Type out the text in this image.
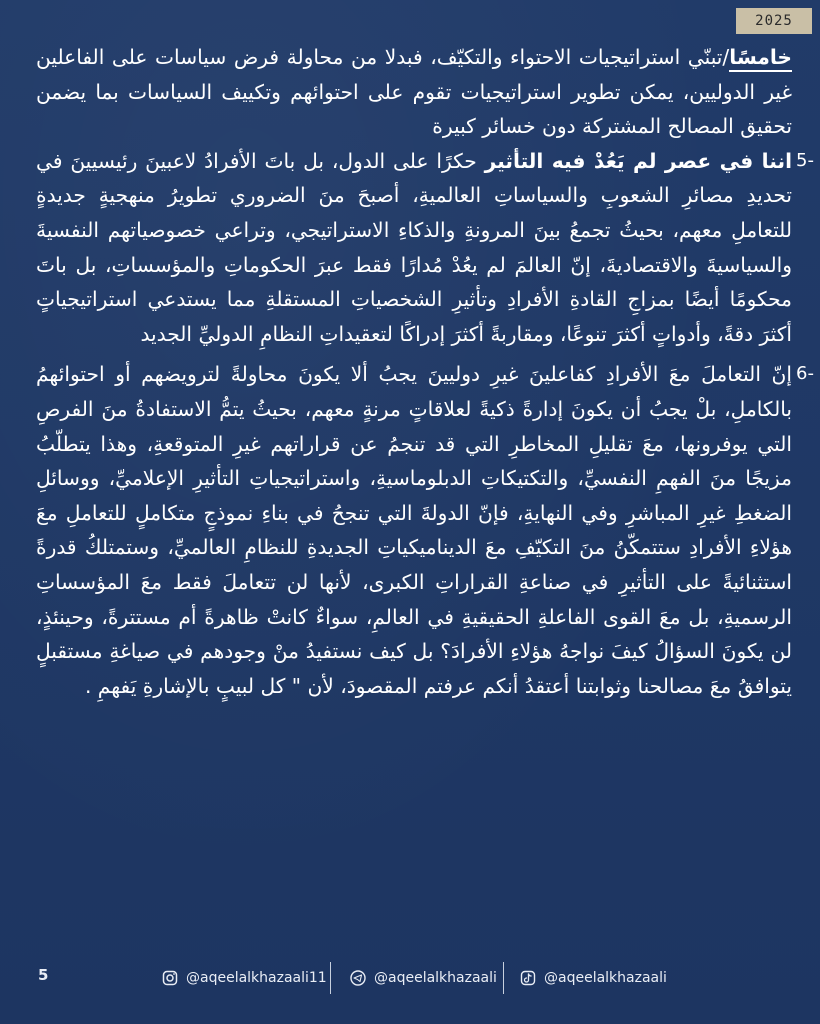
2025

خامسًا/تبنّي استراتيجيات الاحتواء والتكيّف، فبدلا من محاولة فرض سياسات على الفاعلين غير الدوليين، يمكن تطوير استراتيجيات تقوم على احتوائهم وتكييف السياسات بما يضمن تحقيق المصالح المشتركة دون خسائر كبيرة

5-
اننا في عصر لم يَعُدْ فيه التأثير حكرًا على الدول، بل باتَ الأفرادُ لاعبينَ رئيسيينَ في تحديدِ مصائرِ الشعوبِ والسياساتِ العالميةِ، أصبحَ منَ الضروري تطويرُ منهجيةٍ جديدةٍ للتعاملِ معهم، بحيثُ تجمعُ بينَ المرونةِ والذكاءِ الاستراتيجي، وتراعي خصوصياتهم النفسيةَ والسياسيةَ والاقتصاديةَ، إنّ العالمَ لم يعُدْ مُدارًا فقط عبرَ الحكوماتِ والمؤسساتِ، بل باتَ محكومًا أيضًا بمزاجِ القادةِ الأفرادِ وتأثيرِ الشخصياتِ المستقلةِ مما يستدعي استراتيجياتٍ أكثرَ دقةً، وأدواتٍ أكثرَ تنوعًا، ومقاربةً أكثرَ إدراكًا لتعقيداتِ النظامِ الدوليِّ الجديد

6-
إنّ التعاملَ معَ الأفرادِ كفاعلينَ غيرِ دوليينَ يجبُ ألا يكونَ محاولةً لترويضهم أو احتوائهمُ بالكاملِ، بلْ يجبُ أن يكونَ إدارةً ذكيةً لعلاقاتٍ مرنةٍ معهم، بحيثُ يتمُّ الاستفادةُ منَ الفرصِ التي يوفرونها، معَ تقليلِ المخاطرِ التي قد تنجمُ عن قراراتهم غيرِ المتوقعةِ، وهذا يتطلّبُ مزيجًا منَ الفهمِ النفسيِّ، والتكتيكاتِ الدبلوماسيةِ، واستراتيجياتِ التأثيرِ الإعلاميِّ، ووسائلِ الضغطِ غيرِ المباشرِ وفي النهايةِ، فإنّ الدولةَ التي تنجحُ في بناءِ نموذجٍ متكاملٍ للتعاملِ معَ هؤلاءِ الأفرادِ ستتمكّنُ منَ التكيّفِ معَ الديناميكياتِ الجديدةِ للنظامِ العالميِّ، وستمتلكُ قدرةً استثنائيةً على التأثيرِ في صناعةِ القراراتِ الكبرى، لأنها لن تتعاملَ فقط معَ المؤسساتِ الرسميةِ، بل معَ القوى الفاعلةِ الحقيقيةِ في العالمِ، سواءٌ كانتْ ظاهرةً أم مستترةً، وحينئذٍ، لن يكونَ السؤالُ كيفَ نواجهُ هؤلاءِ الأفرادَ؟ بل كيف نستفيدُ منْ وجودهم في صياغةِ مستقبلٍ يتوافقُ معَ مصالحنا وثوابتنا أعتقدُ أنكم عرفتم المقصودَ، لأن " كل لبيبٍ بالإشارةِ يَفهمِ .

5	@aqeelalkhazaali11	@aqeelalkhazaali	@aqeelalkhazaali
